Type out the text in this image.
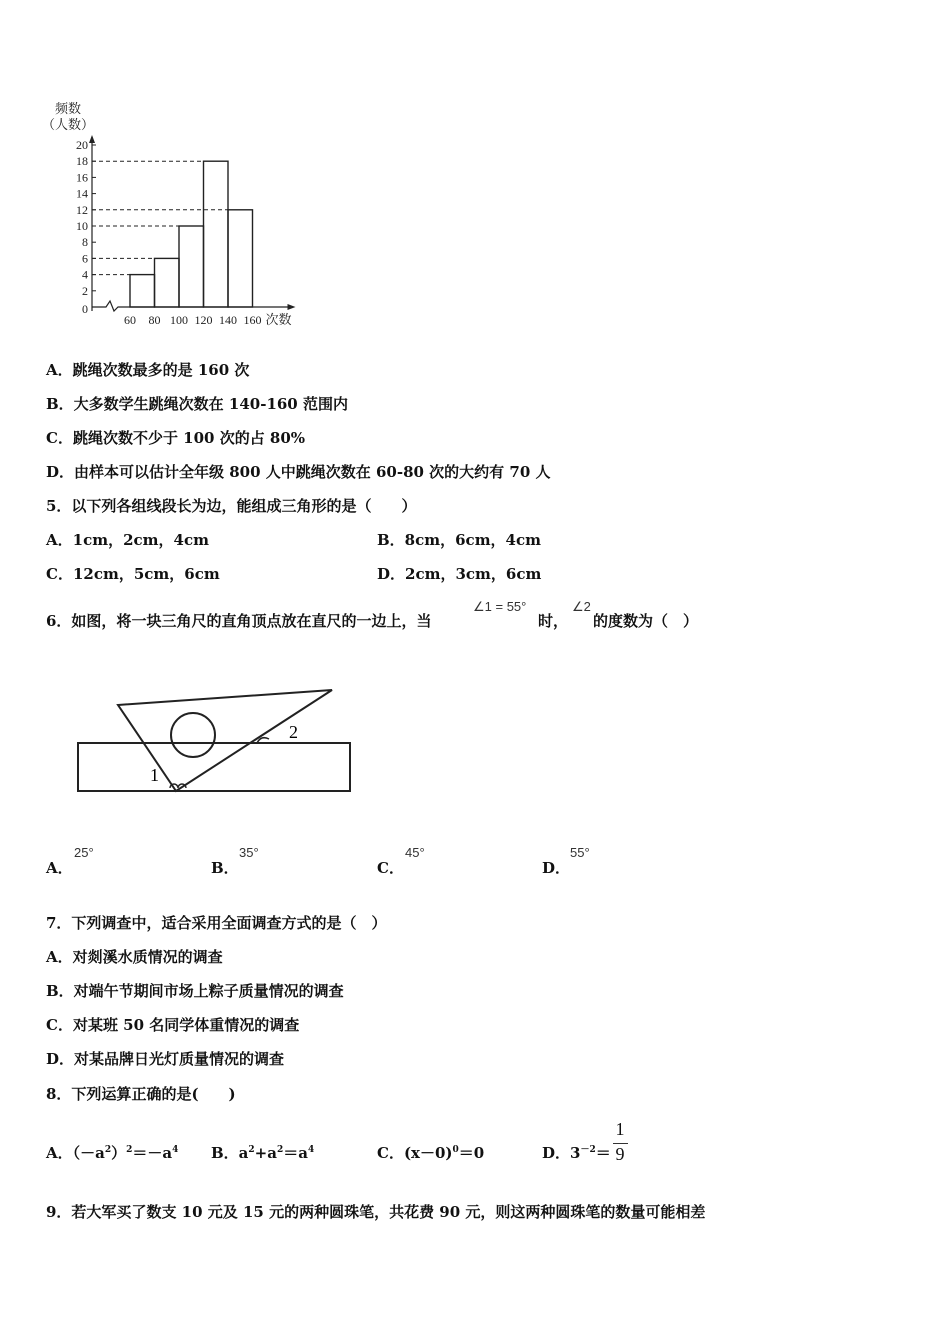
0
2
4
6
8
10
12
14
16
18
20
频数
（人数）
60 80 100 120 140 160 次数
A．跳绳次数最多的是 160 次
B．大多数学生跳绳次数在 140-160 范围内
C．跳绳次数不少于 100 次的占 80%
D．由样本可以估计全年级 800 人中跳绳次数在 60-80 次的大约有 70 人
5．以下列各组线段长为边，能组成三角形的是（　　）
A．1cm，2cm，4cm	B．8cm，6cm，4cm
C．12cm，5cm，6cm	D．2cm，3cm，6cm
6．如图，将一块三角尺的直角顶点放在直尺的一边上，当
∠1 = 55°
时，
∠2
的度数为（　）
1
2
A．
25°
B．
35°
C．
45°
D．
55°
7．下列调查中，适合采用全面调查方式的是（　）
A．对剡溪水质情况的调查
B．对端午节期间市场上粽子质量情况的调查
C．对某班 50 名同学体重情况的调查
D．对某品牌日光灯质量情况的调查
8．下列运算正确的是(　　)
A．$(-a^2)^2=-a^4$ B．$a^2+a^2=a^4$	C．$(x-0)^0=0$	D．$3^{-2}=$
1
9
9．若大军买了数支 10 元及 15 元的两种圆珠笔，共花费 90 元，则这两种圆珠笔的数量可能相差
